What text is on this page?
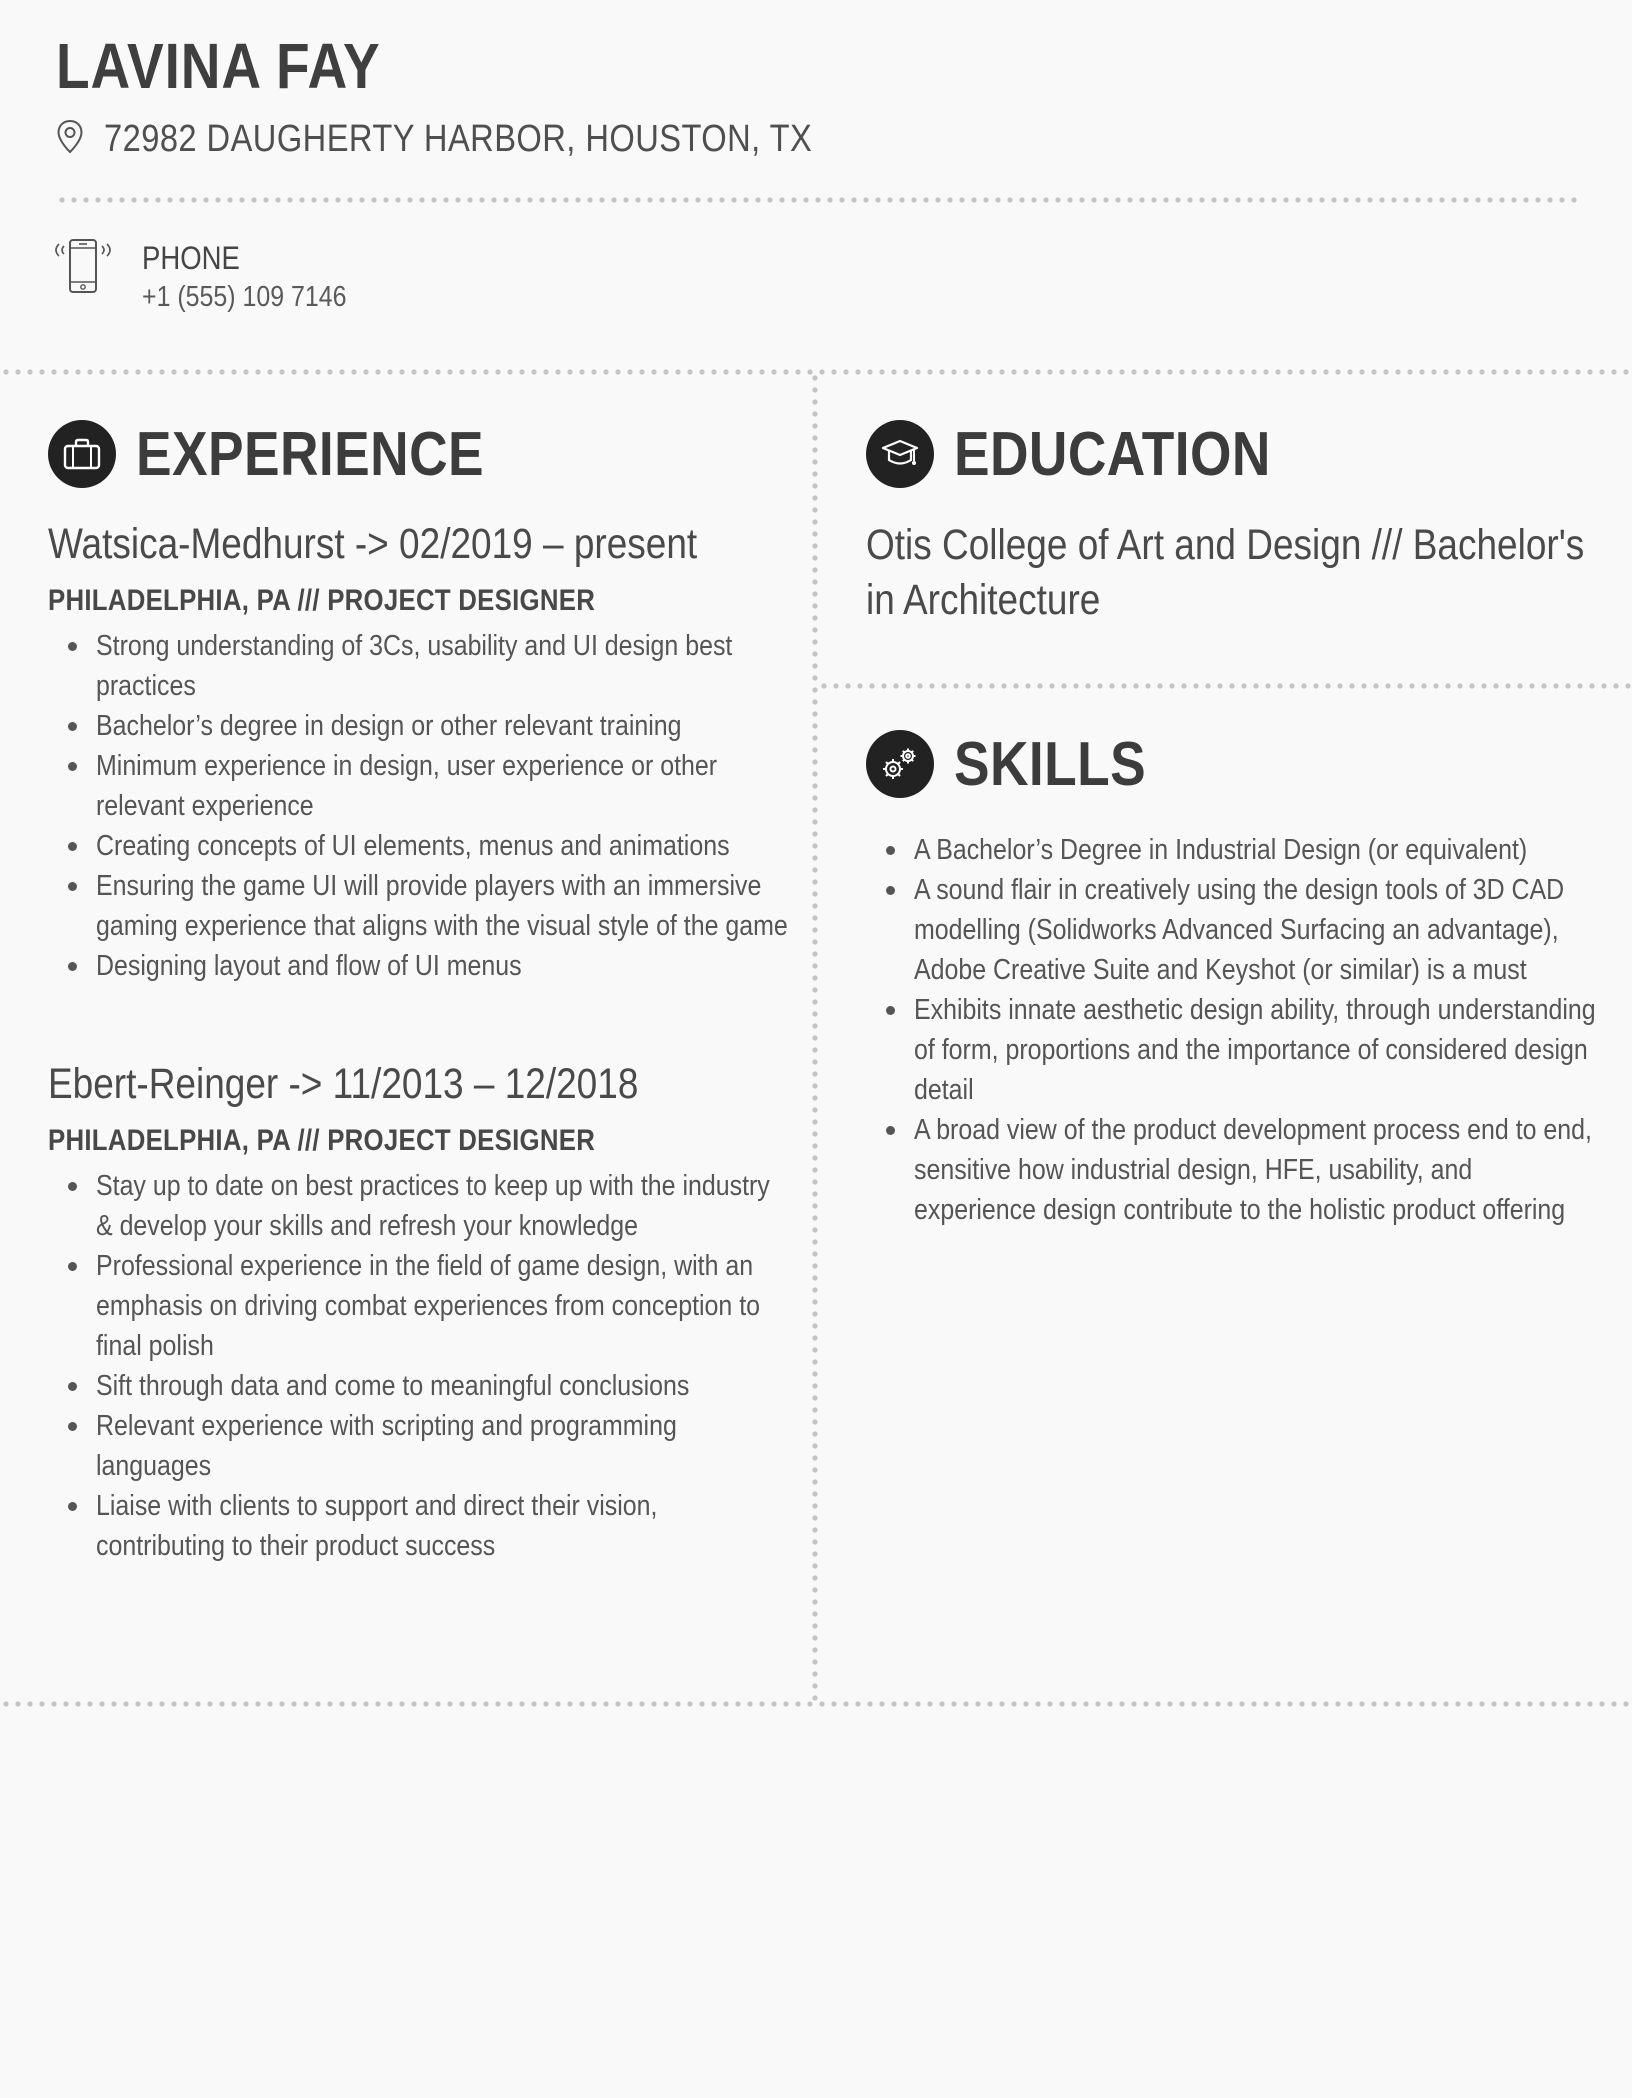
LAVINA FAY
72982 DAUGHERTY HARBOR, HOUSTON, TX
PHONE
+1 (555) 109 7146
EXPERIENCE
Watsica-Medhurst -> 02/2019 – present
PHILADELPHIA, PA /// PROJECT DESIGNER
Strong understanding of 3Cs, usability and UI design best practices
Bachelor’s degree in design or other relevant training
Minimum experience in design, user experience or other relevant experience
Creating concepts of UI elements, menus and animations
Ensuring the game UI will provide players with an immersive gaming experience that aligns with the visual style of the game
Designing layout and flow of UI menus
Ebert-Reinger -> 11/2013 – 12/2018
PHILADELPHIA, PA /// PROJECT DESIGNER
Stay up to date on best practices to keep up with the industry & develop your skills and refresh your knowledge
Professional experience in the field of game design, with an emphasis on driving combat experiences from conception to final polish
Sift through data and come to meaningful conclusions
Relevant experience with scripting and programming languages
Liaise with clients to support and direct their vision, contributing to their product success
EDUCATION
Otis College of Art and Design /// Bachelor's in Architecture
SKILLS
A Bachelor’s Degree in Industrial Design (or equivalent)
A sound flair in creatively using the design tools of 3D CAD modelling (Solidworks Advanced Surfacing an advantage), Adobe Creative Suite and Keyshot (or similar) is a must
Exhibits innate aesthetic design ability, through understanding of form, proportions and the importance of considered design detail
A broad view of the product development process end to end, sensitive how industrial design, HFE, usability, and experience design contribute to the holistic product offering
